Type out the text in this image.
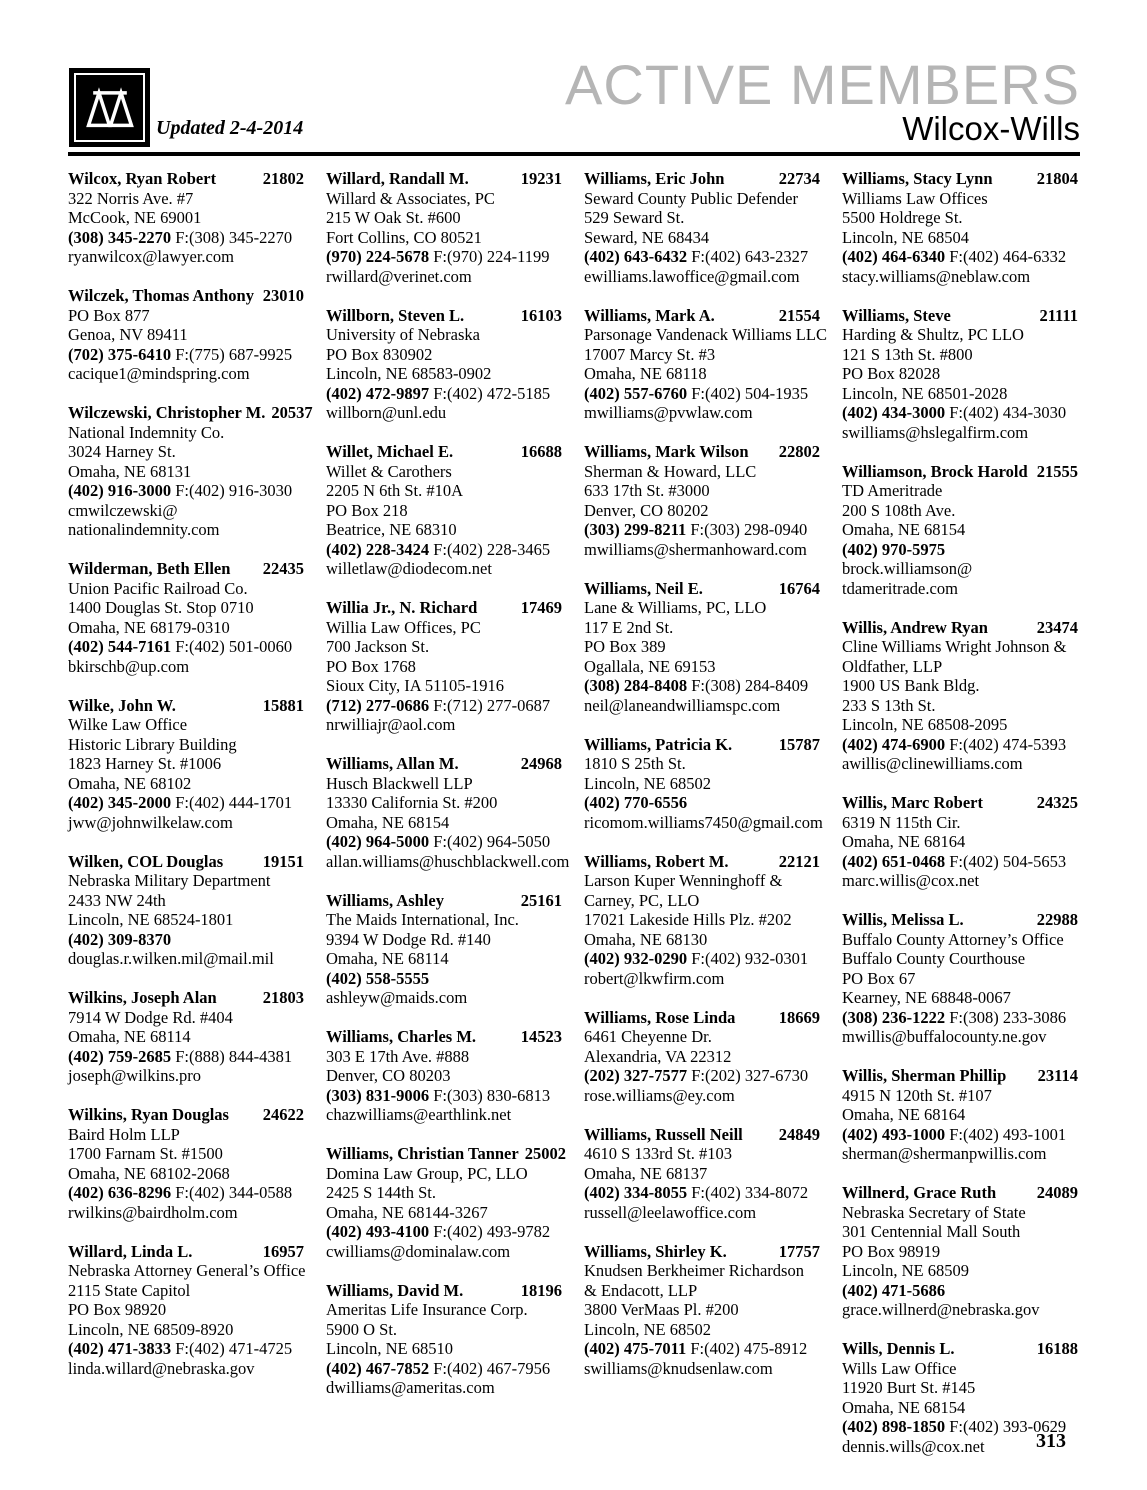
Updated 2-4-2014
ACTIVE MEMBERS
Wilcox-Wills
Wilcox, Ryan Robert	21802
322 Norris Ave. #7
McCook, NE 69001
(308) 345-2270 F:(308) 345-2270
ryanwilcox@lawyer.com
Wilczek, Thomas Anthony 23010
PO Box 877
Genoa, NV 89411
(702) 375-6410 F:(775) 687-9925
cacique1@mindspring.com
Wilczewski, Christopher M. 20537
National Indemnity Co.
3024 Harney St.
Omaha, NE 68131
(402) 916-3000 F:(402) 916-3030
cmwilczewski@
nationalindemnity.com
Wilderman, Beth Ellen 22435
Union Pacific Railroad Co.
1400 Douglas St. Stop 0710
Omaha, NE 68179-0310
(402) 544-7161 F:(402) 501-0060
bkirschb@up.com
Wilke, John W.	15881
Wilke Law Office
Historic Library Building
1823 Harney St. #1006
Omaha, NE 68102
(402) 345-2000 F:(402) 444-1701
jww@johnwilkelaw.com
Wilken, COL Douglas 19151
Nebraska Military Department
2433 NW 24th
Lincoln, NE 68524-1801
(402) 309-8370
douglas.r.wilken.mil@mail.mil
Wilkins, Joseph Alan	21803
7914 W Dodge Rd. #404
Omaha, NE 68114
(402) 759-2685 F:(888) 844-4381
joseph@wilkins.pro
Wilkins, Ryan Douglas 24622
Baird Holm LLP
1700 Farnam St. #1500
Omaha, NE 68102-2068
(402) 636-8296 F:(402) 344-0588
rwilkins@bairdholm.com
Willard, Linda L.	16957
Nebraska Attorney General’s Office
2115 State Capitol
PO Box 98920
Lincoln, NE 68509-8920
(402) 471-3833 F:(402) 471-4725
linda.willard@nebraska.gov
Willard, Randall M.	19231
Willard & Associates, PC
215 W Oak St. #600
Fort Collins, CO 80521
(970) 224-5678 F:(970) 224-1199
rwillard@verinet.com
Willborn, Steven L.	16103
University of Nebraska
PO Box 830902
Lincoln, NE 68583-0902
(402) 472-9897 F:(402) 472-5185
willborn@unl.edu
Willet, Michael E.	16688
Willet & Carothers
2205 N 6th St. #10A
PO Box 218
Beatrice, NE 68310
(402) 228-3424 F:(402) 228-3465
willetlaw@diodecom.net
Willia Jr., N. Richard	17469
Willia Law Offices, PC
700 Jackson St.
PO Box 1768
Sioux City, IA 51105-1916
(712) 277-0686 F:(712) 277-0687
nrwilliajr@aol.com
Williams, Allan M.	24968
Husch Blackwell LLP
13330 California St. #200
Omaha, NE 68154
(402) 964-5000 F:(402) 964-5050
allan.williams@huschblackwell.com
Williams, Ashley	25161
The Maids International, Inc.
9394 W Dodge Rd. #140
Omaha, NE 68114
(402) 558-5555
ashleyw@maids.com
Williams, Charles M.	14523
303 E 17th Ave. #888
Denver, CO 80203
(303) 831-9006 F:(303) 830-6813
chazwilliams@earthlink.net
Williams, Christian Tanner 25002
Domina Law Group, PC, LLO
2425 S 144th St.
Omaha, NE 68144-3267
(402) 493-4100 F:(402) 493-9782
cwilliams@dominalaw.com
Williams, David M.	18196
Ameritas Life Insurance Corp.
5900 O St.
Lincoln, NE 68510
(402) 467-7852 F:(402) 467-7956
dwilliams@ameritas.com
Williams, Eric John	22734
Seward County Public Defender
529 Seward St.
Seward, NE 68434
(402) 643-6432 F:(402) 643-2327
ewilliams.lawoffice@gmail.com
Williams, Mark A.	21554
Parsonage Vandenack Williams LLC
17007 Marcy St. #3
Omaha, NE 68118
(402) 557-6760 F:(402) 504-1935
mwilliams@pvwlaw.com
Williams, Mark Wilson 22802
Sherman & Howard, LLC
633 17th St. #3000
Denver, CO 80202
(303) 299-8211 F:(303) 298-0940
mwilliams@shermanhoward.com
Williams, Neil E.	16764
Lane & Williams, PC, LLO
117 E 2nd St.
PO Box 389
Ogallala, NE 69153
(308) 284-8408 F:(308) 284-8409
neil@laneandwilliamspc.com
Williams, Patricia K.	15787
1810 S 25th St.
Lincoln, NE 68502
(402) 770-6556
ricomom.williams7450@gmail.com
Williams, Robert M.	22121
Larson Kuper Wenninghoff &
Carney, PC, LLO
17021 Lakeside Hills Plz. #202
Omaha, NE 68130
(402) 932-0290 F:(402) 932-0301
robert@lkwfirm.com
Williams, Rose Linda	18669
6461 Cheyenne Dr.
Alexandria, VA 22312
(202) 327-7577 F:(202) 327-6730
rose.williams@ey.com
Williams, Russell Neill 24849
4610 S 133rd St. #103
Omaha, NE 68137
(402) 334-8055 F:(402) 334-8072
russell@leelawoffice.com
Williams, Shirley K.	17757
Knudsen Berkheimer Richardson
& Endacott, LLP
3800 VerMaas Pl. #200
Lincoln, NE 68502
(402) 475-7011 F:(402) 475-8912
swilliams@knudsenlaw.com
Williams, Stacy Lynn	21804
Williams Law Offices
5500 Holdrege St.
Lincoln, NE 68504
(402) 464-6340 F:(402) 464-6332
stacy.williams@neblaw.com
Williams, Steve	21111
Harding & Shultz, PC LLO
121 S 13th St. #800
PO Box 82028
Lincoln, NE 68501-2028
(402) 434-3000 F:(402) 434-3030
swilliams@hslegalfirm.com
Williamson, Brock Harold 21555
TD Ameritrade
200 S 108th Ave.
Omaha, NE 68154
(402) 970-5975
brock.williamson@
tdameritrade.com
Willis, Andrew Ryan	23474
Cline Williams Wright Johnson &
Oldfather, LLP
1900 US Bank Bldg.
233 S 13th St.
Lincoln, NE 68508-2095
(402) 474-6900 F:(402) 474-5393
awillis@clinewilliams.com
Willis, Marc Robert	24325
6319 N 115th Cir.
Omaha, NE 68164
(402) 651-0468 F:(402) 504-5653
marc.willis@cox.net
Willis, Melissa L.	22988
Buffalo County Attorney’s Office
Buffalo County Courthouse
PO Box 67
Kearney, NE 68848-0067
(308) 236-1222 F:(308) 233-3086
mwillis@buffalocounty.ne.gov
Willis, Sherman Phillip 23114
4915 N 120th St. #107
Omaha, NE 68164
(402) 493-1000 F:(402) 493-1001
sherman@shermanpwillis.com
Willnerd, Grace Ruth 24089
Nebraska Secretary of State
301 Centennial Mall South
PO Box 98919
Lincoln, NE 68509
(402) 471-5686
grace.willnerd@nebraska.gov
Wills, Dennis L.	16188
Wills Law Office
11920 Burt St. #145
Omaha, NE 68154
(402) 898-1850 F:(402) 393-0629
dennis.wills@cox.net	313
